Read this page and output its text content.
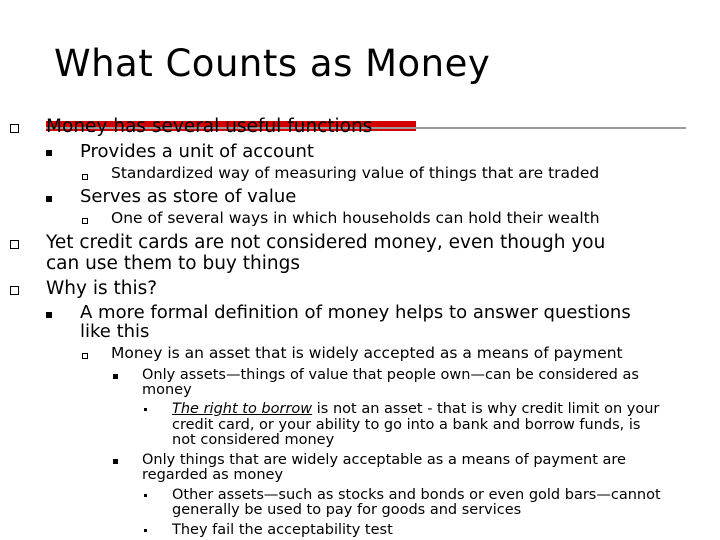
What Counts as Money
Money has several useful functions
Provides a unit of account
Standardized way of measuring value of things that are traded
Serves as store of value
One of several ways in which households can hold their wealth
Yet credit cards are not considered money, even though you
can use them to buy things
Why is this?
A more formal definition of money helps to answer questions
like this
Money is an asset that is widely accepted as a means of payment
Only assets—things of value that people own—can be considered as
money
The right to borrow is not an asset - that is why credit limit on your
credit card, or your ability to go into a bank and borrow funds, is
not considered money
Only things that are widely acceptable as a means of payment are
regarded as money
Other assets—such as stocks and bonds or even gold bars—cannot
generally be used to pay for goods and services
They fail the acceptability test
